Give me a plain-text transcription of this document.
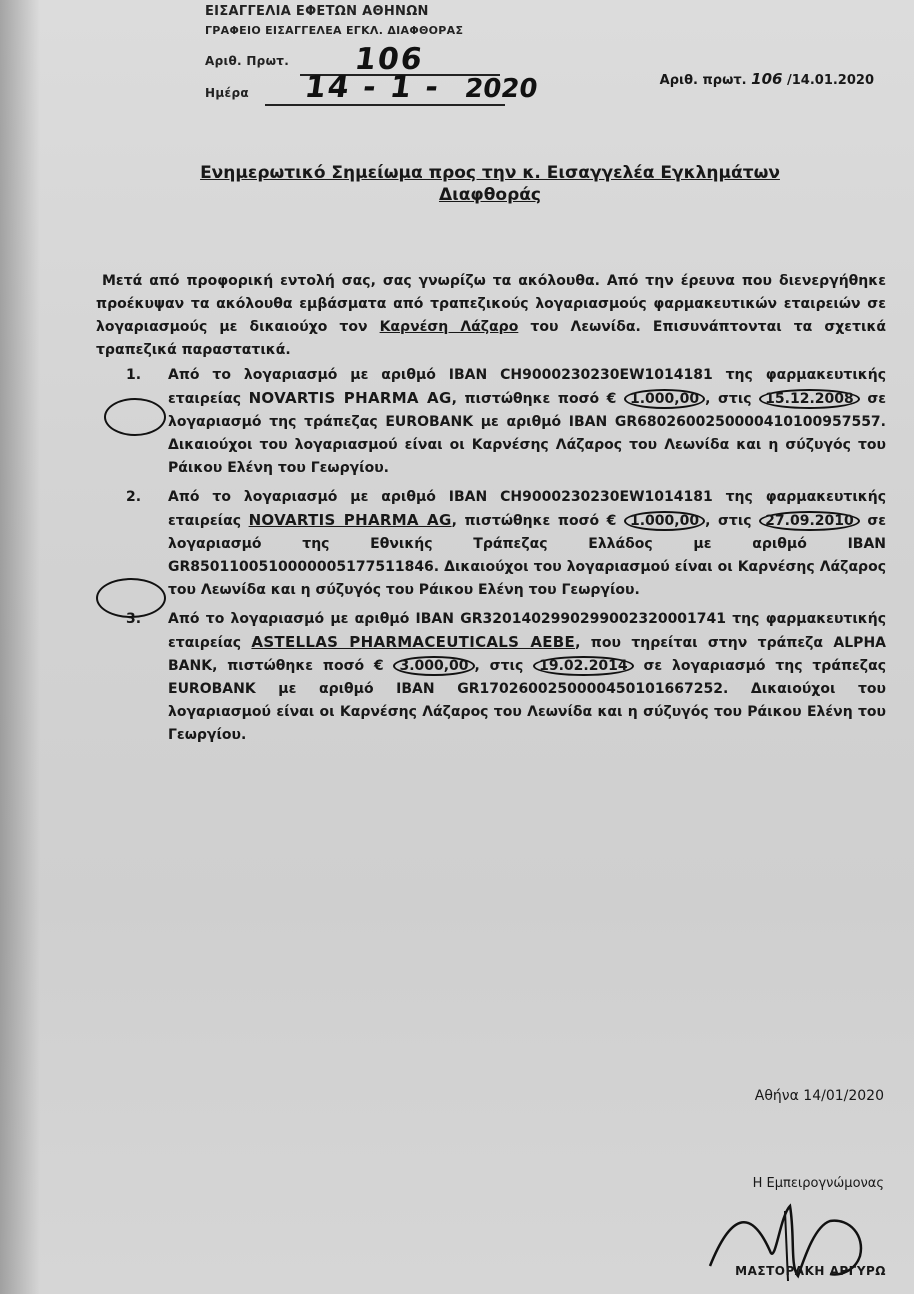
ΕΙΣΑΓΓΕΛΙΑ ΕΦΕΤΩΝ ΑΘΗΝΩΝ
ΓΡΑΦΕΙΟ ΕΙΣΑΓΓΕΛΕΑ ΕΓΚΛ. ΔΙΑΦΘΟΡΑΣ
Αριθ. Πρωτ. 106
Ημέρα 14 - 1 - 2020	Αριθ. πρωτ. 106 /14.01.2020
Ενημερωτικό Σημείωμα προς την κ. Εισαγγελέα Εγκλημάτων
Διαφθοράς
Μετά από προφορική εντολή σας, σας γνωρίζω τα ακόλουθα. Από την έρευνα που διενεργήθηκε προέκυψαν τα ακόλουθα εμβάσματα από τραπεζικούς λογαριασμούς φαρμακευτικών εταιρειών σε λογαριασμούς με δικαιούχο τον Καρνέση Λάζαρο του Λεωνίδα. Επισυνάπτονται τα σχετικά τραπεζικά παραστατικά.
1. Από το λογαριασμό με αριθμό IBAN CH9000230230EW1014181 της φαρμακευτικής εταιρείας NOVARTIS PHARMA AG, πιστώθηκε ποσό € 1.000,00 , στις 15.12.2008 σε λογαριασμό της τράπεζας EUROBANK με αριθμό IBAN GR6802600250000410100957557. Δικαιούχοι του λογαριασμού είναι οι Καρνέσης Λάζαρος του Λεωνίδα και η σύζυγός του Ράικου Ελένη του Γεωργίου.
2. Από το λογαριασμό με αριθμό IBAN CH9000230230EW1014181 της φαρμακευτικής εταιρείας NOVARTIS PHARMA AG, πιστώθηκε ποσό € 1.000,00 , στις 27.09.2010 σε λογαριασμό της Εθνικής Τράπεζας Ελλάδος με αριθμό IBAN GR8501100510000005177511846. Δικαιούχοι του λογαριασμού είναι οι Καρνέσης Λάζαρος του Λεωνίδα και η σύζυγός του Ράικου Ελένη του Γεωργίου.
3. Από το λογαριασμό με αριθμό IBAN GR3201402990299002320001741 της φαρμακευτικής εταιρείας ASTELLAS PHARMACEUTICALS AEBE, που τηρείται στην τράπεζα ALPHA BANK, πιστώθηκε ποσό € 3.000,00 , στις 19.02.2014 σε λογαριασμό της τράπεζας EUROBANK με αριθμό IBAN GR1702600250000450101667252. Δικαιούχοι του λογαριασμού είναι οι Καρνέσης Λάζαρος του Λεωνίδα και η σύζυγός του Ράικου Ελένη του Γεωργίου.
Αθήνα 14/01/2020
Η Εμπειρογνώμονας
ΜΑΣΤΟΡΑΚΗ ΑΡΓΥΡΩ
